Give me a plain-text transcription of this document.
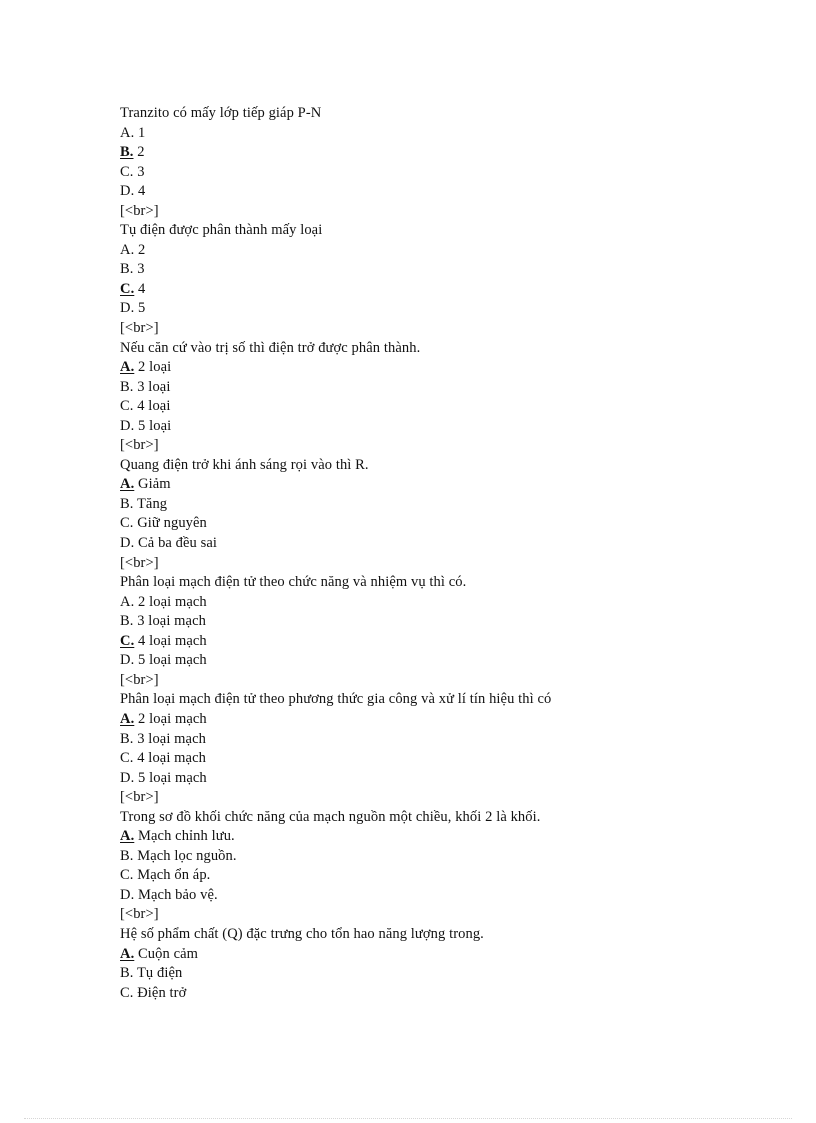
Tranzito có mấy lớp tiếp giáp P-N
A. 1
B. 2
C. 3
D. 4
[<br>]
Tụ điện được phân thành mấy loại
A. 2
B. 3
C. 4
D. 5
[<br>]
Nếu căn cứ vào trị số thì điện trở được phân thành.
A. 2 loại
B. 3 loại
C. 4 loại
D. 5 loại
[<br>]
Quang điện trở khi ánh sáng rọi vào thì R.
A. Giảm
B. Tăng
C. Giữ nguyên
D. Cả ba đều sai
[<br>]
Phân loại mạch điện tử theo chức năng và nhiệm vụ thì có.
A. 2 loại mạch
B. 3 loại mạch
C. 4 loại mạch
D. 5 loại mạch
[<br>]
Phân loại mạch điện tử theo phương thức gia công và xử lí tín hiệu thì có
A. 2 loại mạch
B. 3 loại mạch
C. 4 loại mạch
D. 5 loại mạch
[<br>]
Trong sơ đồ khối chức năng của mạch nguồn một chiều, khối 2 là khối.
A. Mạch chỉnh lưu.
B. Mạch lọc nguồn.
C. Mạch ổn áp.
D. Mạch bảo vệ.
[<br>]
Hệ số phẩm chất (Q) đặc trưng cho tổn hao năng lượng trong.
A. Cuộn cảm
B. Tụ điện
C. Điện trở
